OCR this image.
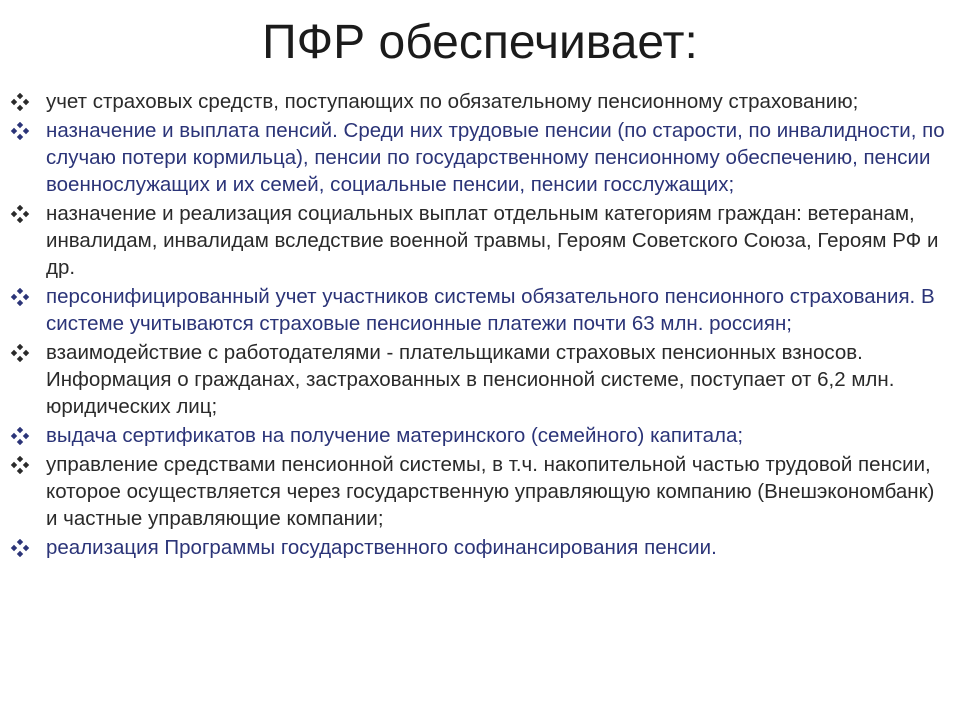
ПФР обеспечивает:
учет страховых средств, поступающих по обязательному пенсионному страхованию;
назначение и выплата пенсий. Среди них трудовые пенсии (по старости, по инвалидности, по случаю потери кормильца), пенсии по государственному пенсионному обеспечению, пенсии военнослужащих и их семей, социальные пенсии, пенсии госслужащих;
назначение и реализация социальных выплат отдельным категориям граждан: ветеранам, инвалидам, инвалидам вследствие военной травмы, Героям Советского Союза, Героям РФ и др.
персонифицированный учет участников системы обязательного пенсионного страхования. В системе учитываются страховые пенсионные платежи почти 63 млн. россиян;
взаимодействие с работодателями - плательщиками страховых пенсионных взносов. Информация о гражданах, застрахованных в пенсионной системе, поступает от 6,2 млн. юридических лиц;
выдача сертификатов на получение материнского (семейного) капитала;
управление средствами пенсионной системы, в т.ч. накопительной частью трудовой пенсии, которое осуществляется через государственную управляющую компанию (Внешэкономбанк) и частные управляющие компании;
реализация Программы государственного софинансирования пенсии.
